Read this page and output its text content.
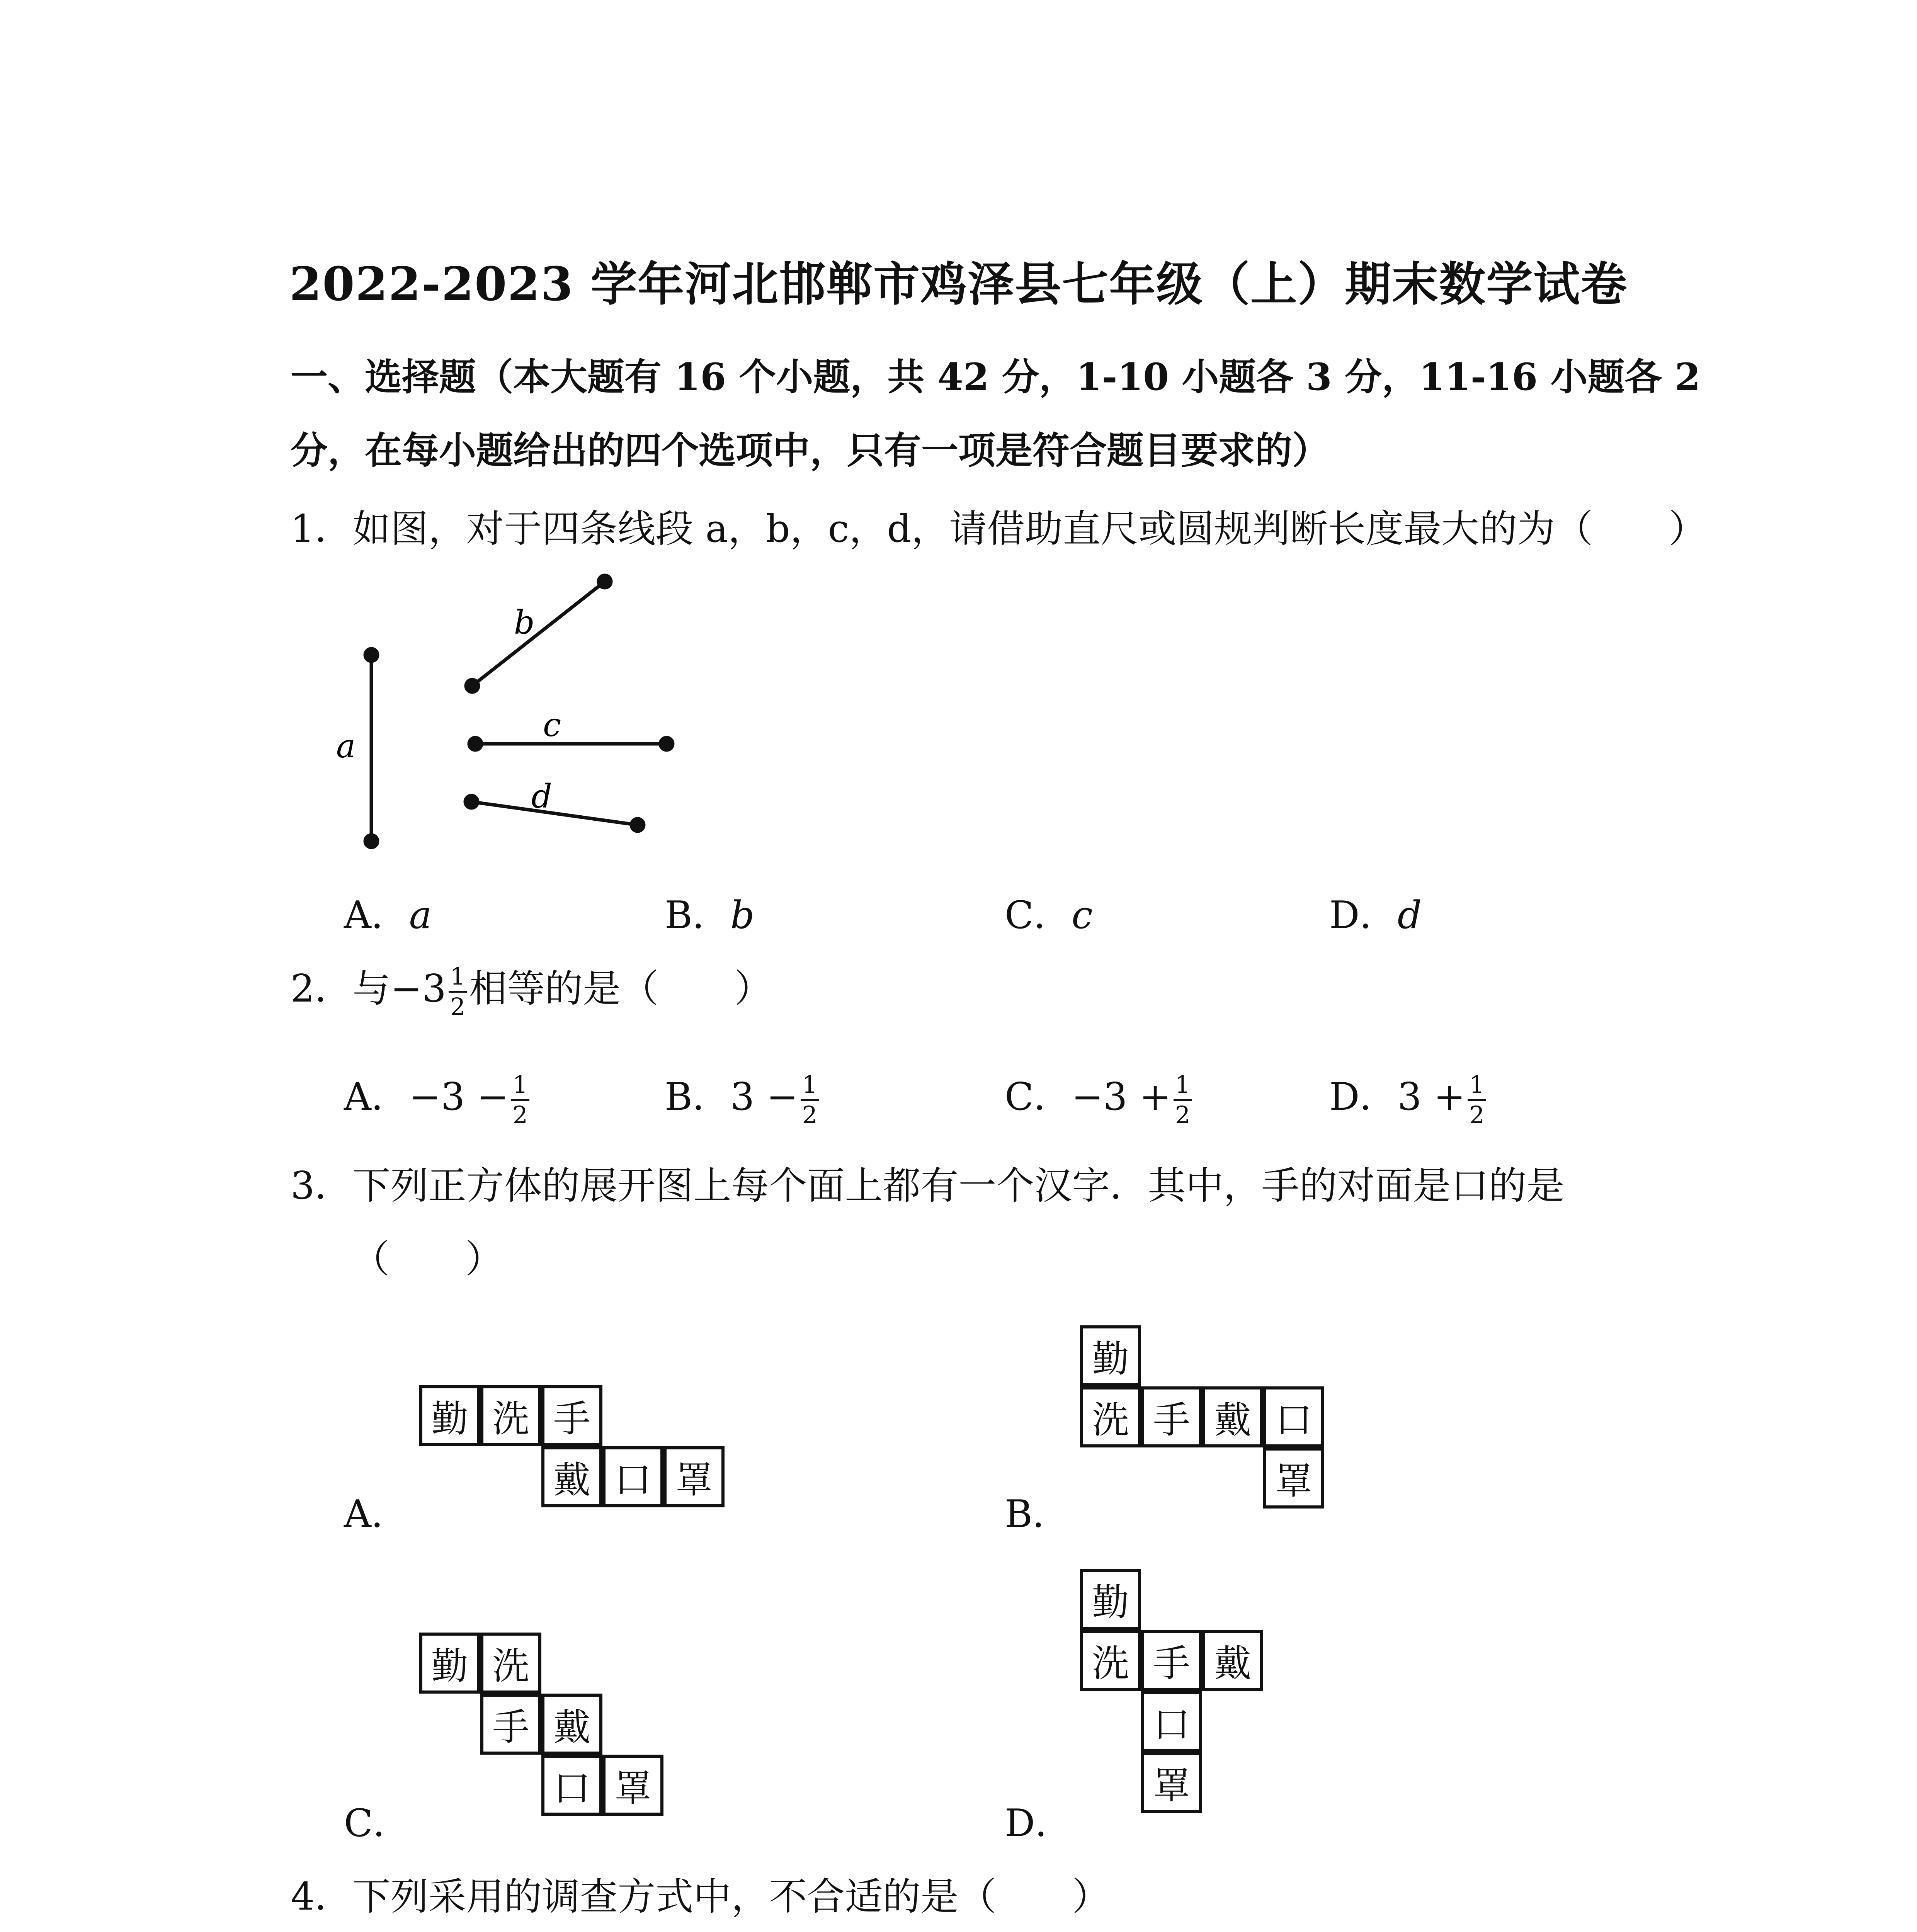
2022-2023 学年河北邯郸市鸡泽县七年级（上）期末数学试卷
一、选择题（本大题有 16 个小题，共 42 分，1-10 小题各 3 分，11-16 小题各 2
分，在每小题给出的四个选项中，只有一项是符合题目要求的）
1．如图，对于四条线段 a，b，c，d，请借助直尺或圆规判断长度最大的为（　　）
a
b
c
d
A．a	B．b	C．c	D．d
2．与$-3 \frac{1}{2}$ 相等的是（　　）
A．$-3 - \frac{1}{2}$	B．$3 - \frac{1}{2}$	C．$-3 + \frac{1}{2}$	D．$3 + \frac{1}{2}$
3．下列正方体的展开图上每个面上都有一个汉字．其中，手的对面是口的是
（　　）
勤 洗 手
戴 口 罩
A．
勤
洗 手 戴 口
罩
B．
勤 洗
手 戴
口 罩
C．
勤
洗 手 戴
口
罩
D．
4．下列采用的调查方式中，不合适的是（　　）
